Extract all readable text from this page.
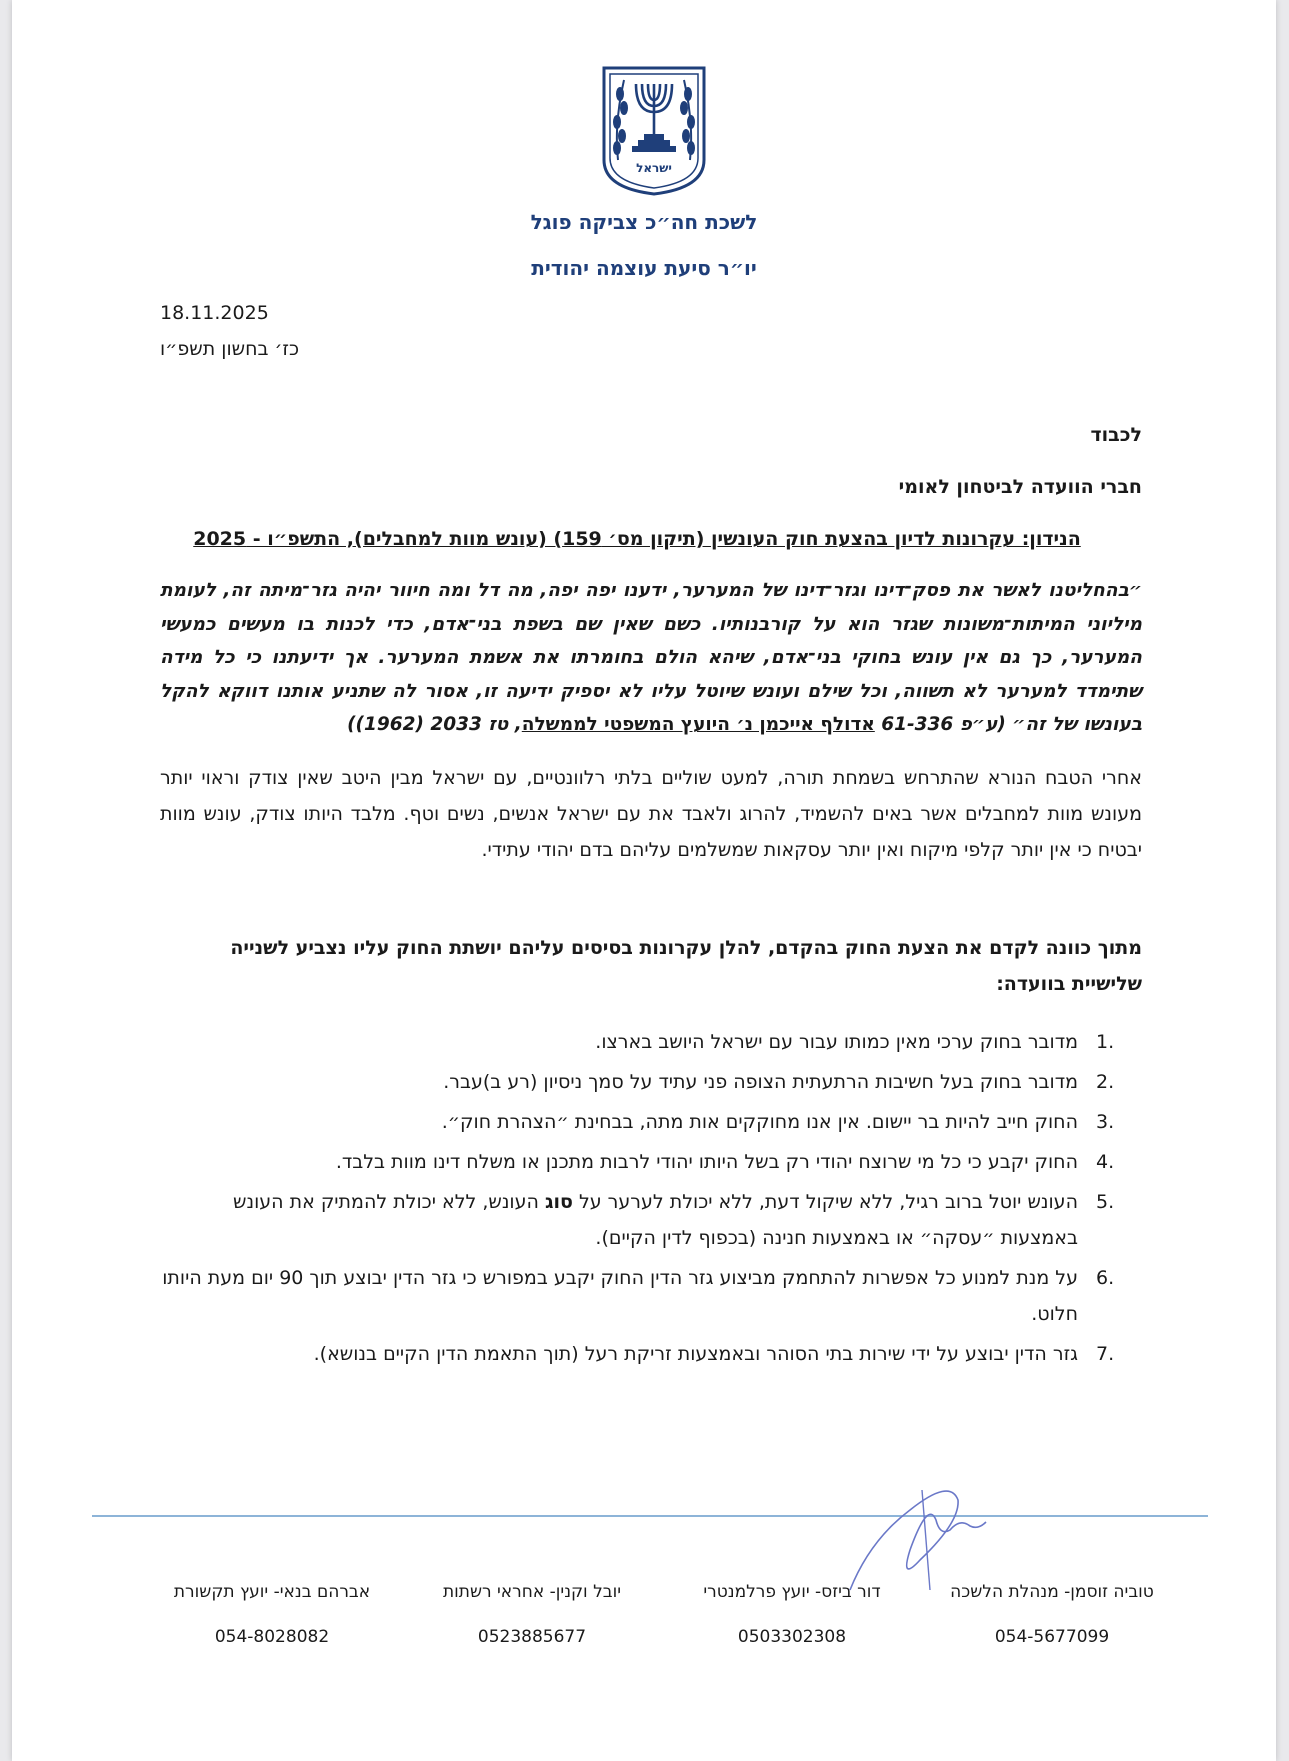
ישראל
לשכת חה״כ צביקה פוגל
יו״ר סיעת עוצמה יהודית
18.11.2025
כז׳ בחשון תשפ״ו
לכבוד
חברי הוועדה לביטחון לאומי
הנידון: עקרונות לדיון בהצעת חוק העונשין (תיקון מס׳ 159) (עונש מוות למחבלים), התשפ״ו - 2025
״בהחליטנו לאשר את פסק־דינו וגזר־דינו של המערער, ידענו יפה יפה, מה דל ומה חיוור יהיה גזר־מיתה זה, לעומת מיליוני המיתות־משונות שגזר הוא על קורבנותיו. כשם שאין שם בשפת בני־אדם, כדי לכנות בו מעשים כמעשי המערער, כך גם אין עונש בחוקי בני־אדם, שיהא הולם בחומרתו את אשמת המערער. אך ידיעתנו כי כל מידה שתימדד למערער לא תשווה, וכל שילם ועונש שיוטל עליו לא יספיק ידיעה זו, אסור לה שתניע אותנו דווקא להקל בעונשו של זה״ (ע״פ 61-336 אדולף אייכמן נ׳ היועץ המשפטי לממשלה, טז 2033 (1962))
אחרי הטבח הנורא שהתרחש בשמחת תורה, למעט שוליים בלתי רלוונטיים, עם ישראל מבין היטב שאין צודק וראוי יותר מעונש מוות למחבלים אשר באים להשמיד, להרוג ולאבד את עם ישראל אנשים, נשים וטף. מלבד היותו צודק, עונש מוות יבטיח כי אין יותר קלפי מיקוח ואין יותר עסקאות שמשלמים עליהם בדם יהודי עתידי.
מתוך כוונה לקדם את הצעת החוק בהקדם, להלן עקרונות בסיסים עליהם יושתת החוק עליו נצביע לשנייה שלישיית בוועדה:
1.
מדובר בחוק ערכי מאין כמותו עבור עם ישראל היושב בארצו.
2.
מדובר בחוק בעל חשיבות הרתעתית הצופה פני עתיד על סמך ניסיון (רע ב)עבר.
3.
החוק חייב להיות בר יישום. אין אנו מחוקקים אות מתה, בבחינת ״הצהרת חוק״.
4.
החוק יקבע כי כל מי שרוצח יהודי רק בשל היותו יהודי לרבות מתכנן או משלח דינו מוות בלבד.
5.
העונש יוטל ברוב רגיל, ללא שיקול דעת, ללא יכולת לערער על סוג העונש, ללא יכולת להמתיק את העונש באמצעות ״עסקה״ או באמצעות חנינה (בכפוף לדין הקיים).
6.
על מנת למנוע כל אפשרות להתחמק מביצוע גזר הדין החוק יקבע במפורש כי גזר הדין יבוצע תוך 90 יום מעת היותו חלוט.
7.
גזר הדין יבוצע על ידי שירות בתי הסוהר ובאמצעות זריקת רעל (תוך התאמת הדין הקיים בנושא).
טוביה זוסמן- מנהלת הלשכה
דור ביזס- יועץ פרלמנטרי
יובל וקנין- אחראי רשתות
אברהם בנאי- יועץ תקשורת
054-5677099
0503302308
0523885677
054-8028082
